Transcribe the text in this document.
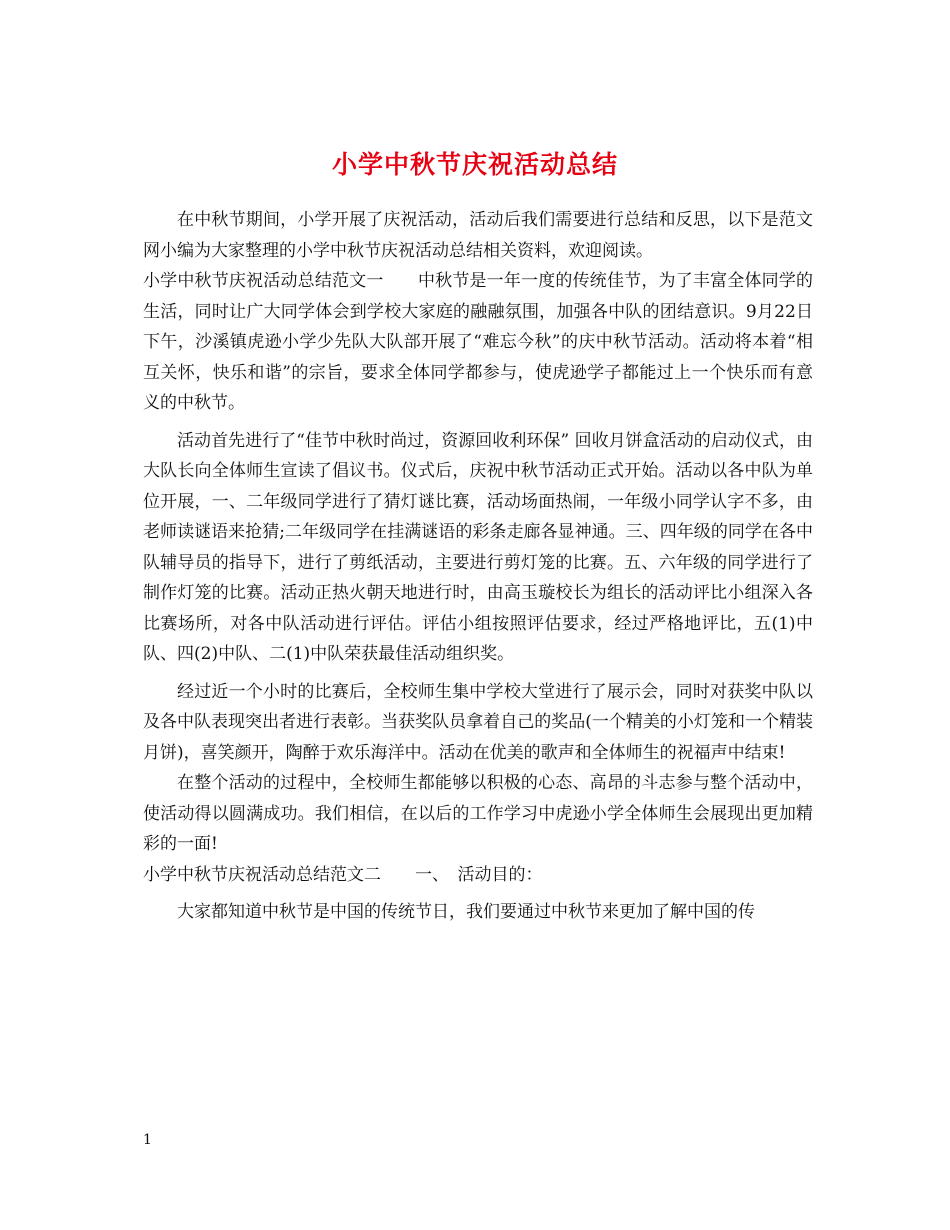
小学中秋节庆祝活动总结

在中秋节期间，小学开展了庆祝活动，活动后我们需要进行总结和反思，以下是范文网小编为大家整理的小学中秋节庆祝活动总结相关资料，欢迎阅读。

小学中秋节庆祝活动总结范文一　　中秋节是一年一度的传统佳节，为了丰富全体同学的生活，同时让广大同学体会到学校大家庭的融融氛围，加强各中队的团结意识。9月22日下午，沙溪镇虎逊小学少先队大队部开展了“难忘今秋”的庆中秋节活动。活动将本着“相互关怀，快乐和谐”的宗旨，要求全体同学都参与，使虎逊学子都能过上一个快乐而有意义的中秋节。

活动首先进行了“佳节中秋时尚过，资源回收利环保” 回收月饼盒活动的启动仪式，由大队长向全体师生宣读了倡议书。仪式后，庆祝中秋节活动正式开始。活动以各中队为单位开展，一、二年级同学进行了猜灯谜比赛，活动场面热闹，一年级小同学认字不多，由老师读谜语来抢猜;二年级同学在挂满谜语的彩条走廊各显神通。三、四年级的同学在各中队辅导员的指导下，进行了剪纸活动，主要进行剪灯笼的比赛。五、六年级的同学进行了制作灯笼的比赛。活动正热火朝天地进行时，由高玉璇校长为组长的活动评比小组深入各比赛场所，对各中队活动进行评估。评估小组按照评估要求，经过严格地评比，五(1)中队、四(2)中队、二(1)中队荣获最佳活动组织奖。

经过近一个小时的比赛后，全校师生集中学校大堂进行了展示会，同时对获奖中队以及各中队表现突出者进行表彰。当获奖队员拿着自己的奖品(一个精美的小灯笼和一个精装月饼)，喜笑颜开，陶醉于欢乐海洋中。活动在优美的歌声和全体师生的祝福声中结束!

在整个活动的过程中，全校师生都能够以积极的心态、高昂的斗志参与整个活动中，使活动得以圆满成功。我们相信，在以后的工作学习中虎逊小学全体师生会展现出更加精彩的一面!

小学中秋节庆祝活动总结范文二　　一、　活动目的：

大家都知道中秋节是中国的传统节日，我们要通过中秋节来更加了解中国的传

1
